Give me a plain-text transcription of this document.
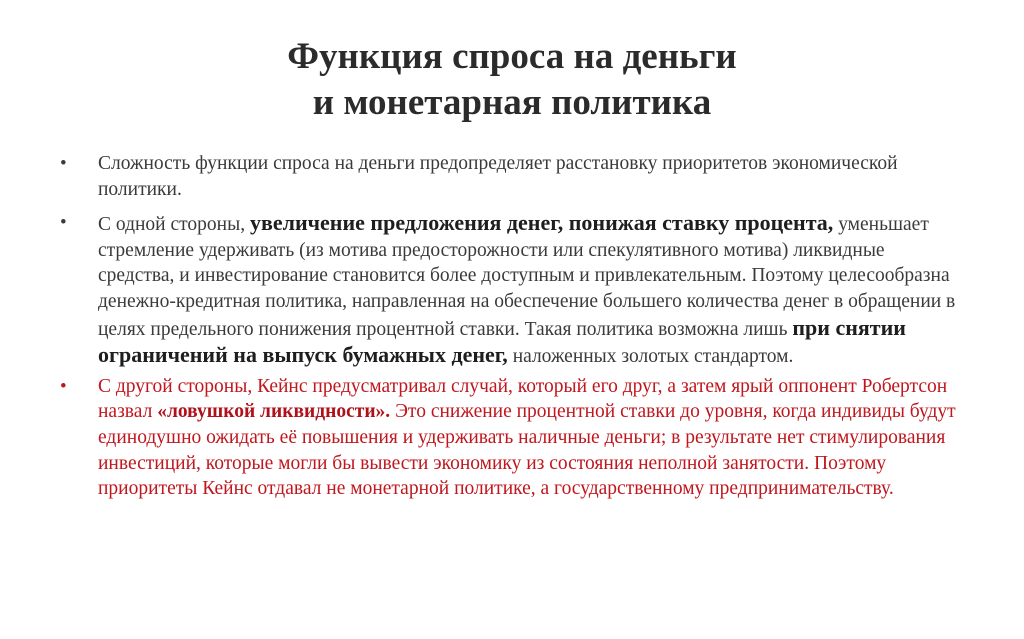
Функция спроса на деньги
и монетарная политика
•	Сложность функции спроса на деньги предопределяет расстановку приоритетов экономической политики.
•	С одной стороны, увеличение предложения денег, понижая ставку процента, уменьшает стремление удерживать (из мотива предосторожности или спекулятивного мотива) ликвидные средства, и инвестирование становится более доступным и привлекательным. Поэтому целесообразна денежно-кредитная политика, направленная на обеспечение большего количества денег в обращении в целях предельного понижения процентной ставки. Такая политика возможна лишь при снятии ограничений на выпуск бумажных денег, наложенных золотых стандартом.
•	С другой стороны, Кейнс предусматривал случай, который его друг, а затем ярый оппонент Робертсон назвал «ловушкой ликвидности». Это снижение процентной ставки до уровня, когда индивиды будут единодушно ожидать её повышения и удерживать наличные деньги; в результате нет стимулирования инвестиций, которые могли бы вывести экономику из состояния неполной занятости. Поэтому приоритеты Кейнс отдавал не монетарной политике, а государственному предпринимательству.
